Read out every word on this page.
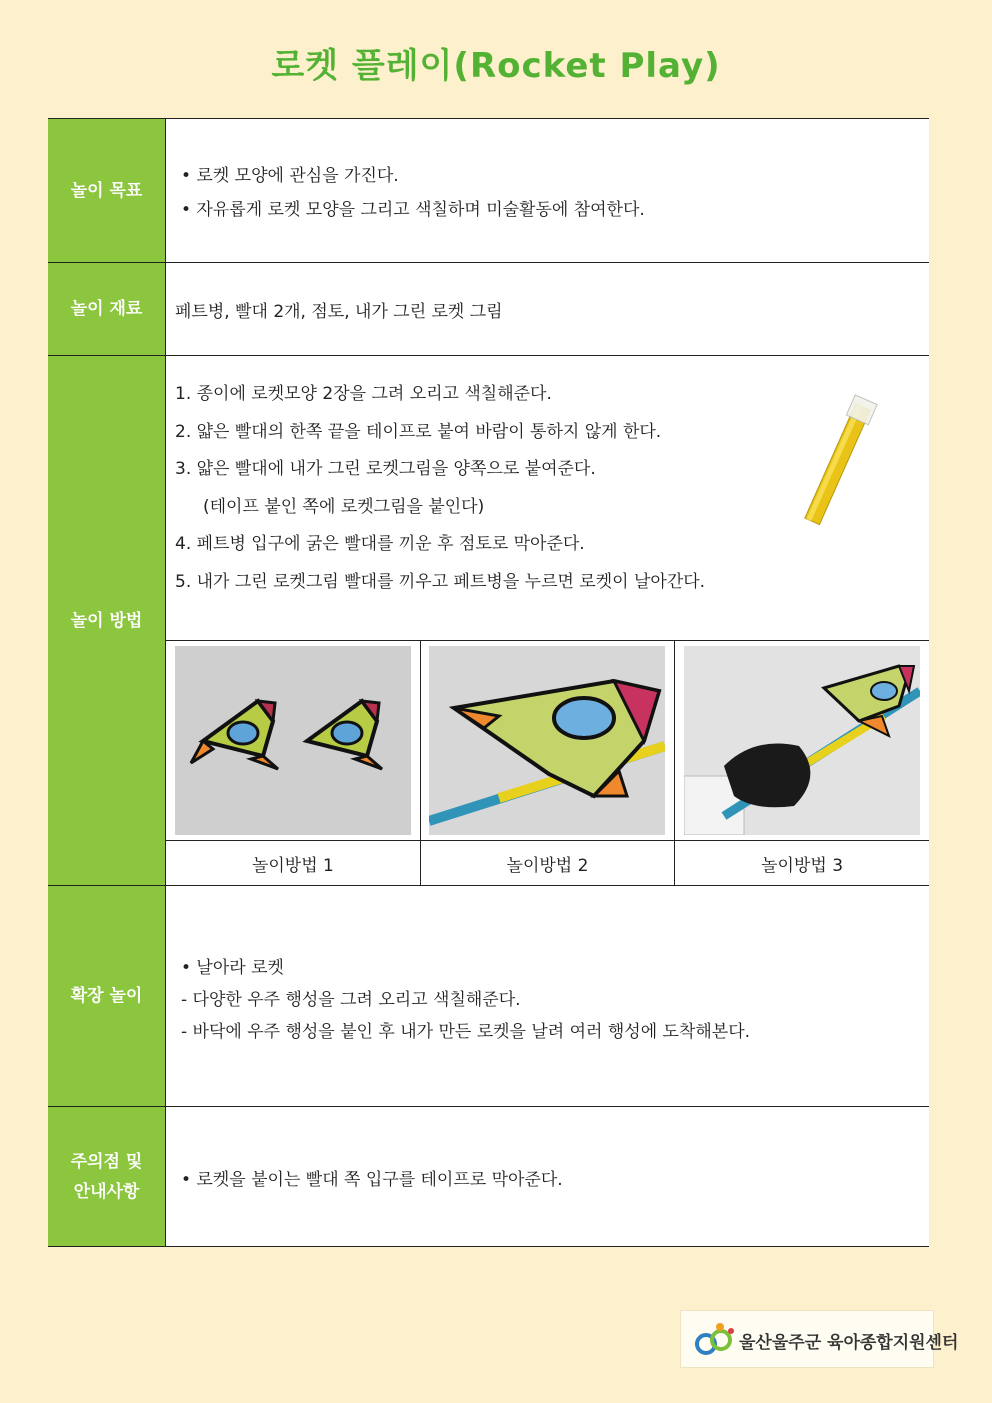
로켓 플레이(Rocket Play)
놀이 목표	
• 로켓 모양에 관심을 가진다.
• 자유롭게 로켓 모양을 그리고 색칠하며 미술활동에 참여한다.

놀이 재료	페트병, 빨대 2개, 점토, 내가 그린 로켓 그림

놀이 방법	
1. 종이에 로켓모양 2장을 그려 오리고 색칠해준다.
2. 얇은 빨대의 한쪽 끝을 테이프로 붙여 바람이 통하지 않게 한다.
3. 얇은 빨대에 내가 그린 로켓그림을 양쪽으로 붙여준다.
(테이프 붙인 쪽에 로켓그림을 붙인다)
4. 페트병 입구에 굵은 빨대를 끼운 후 점토로 막아준다.
5. 내가 그린 로켓그림 빨대를 끼우고 페트병을 누르면 로켓이 날아간다.

놀이방법 1	놀이방법 2	놀이방법 3

확장 놀이	
• 날아라 로켓
- 다양한 우주 행성을 그려 오리고 색칠해준다.
- 바닥에 우주 행성을 붙인 후 내가 만든 로켓을 날려 여러 행성에 도착해본다.

주의점 및
안내사항

• 로켓을 붙이는 빨대 쪽 입구를 테이프로 막아준다.
울산울주군 육아종합지원센터
